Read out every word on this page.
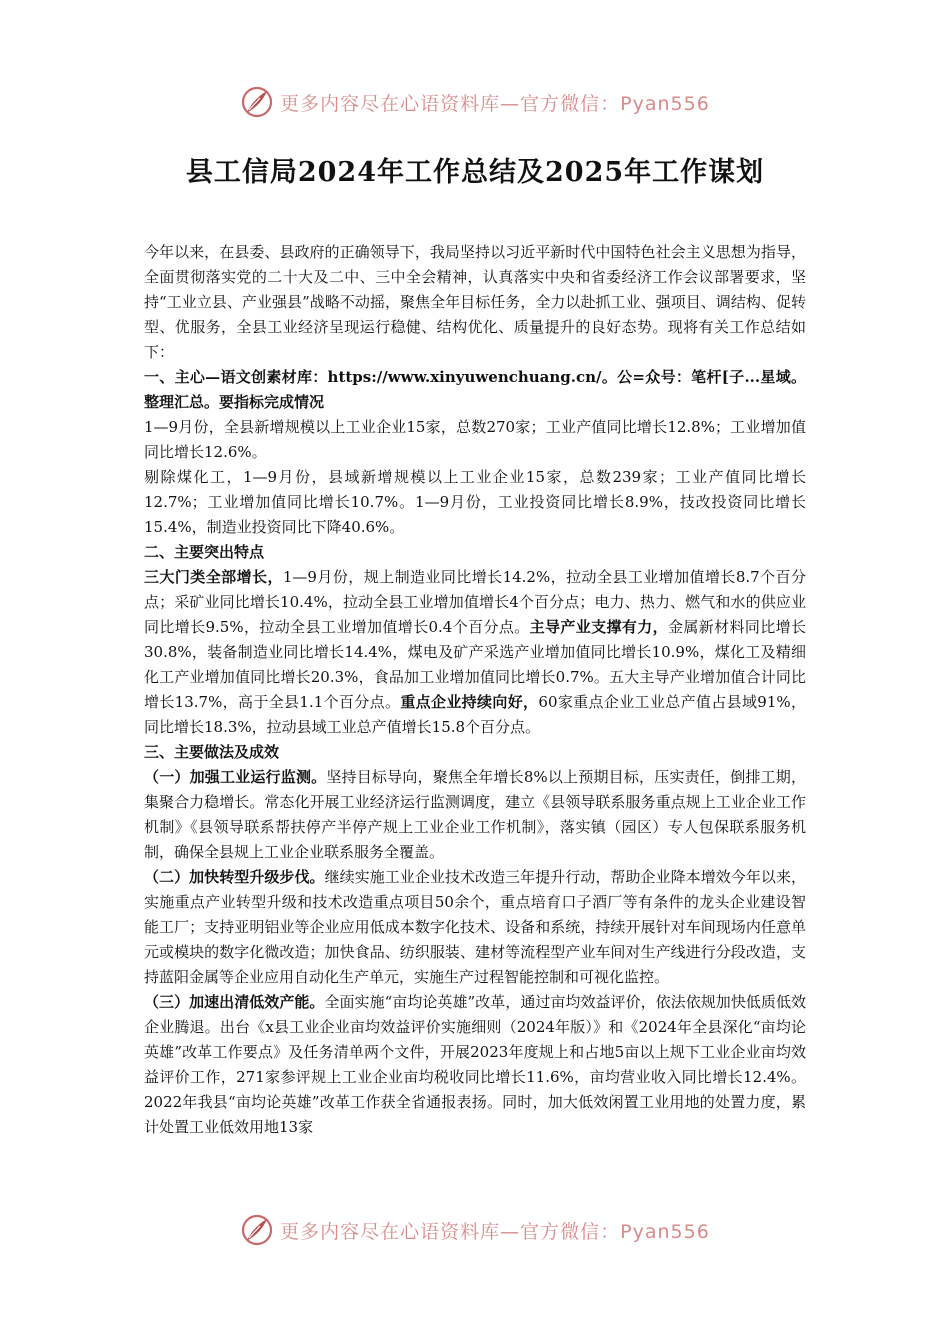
更多内容尽在心语资料库—官方微信：Pyan556
县工信局2024年工作总结及2025年工作谋划

今年以来，在县委、县政府的正确领导下，我局坚持以习近平新时代中国特色社会主义思想为指导，全面贯彻落实党的二十大及二中、三中全会精神，认真落实中央和省委经济工作会议部署要求，坚持“工业立县、产业强县”战略不动摇，聚焦全年目标任务，全力以赴抓工业、强项目、调结构、促转型、优服务，全县工业经济呈现运行稳健、结构优化、质量提升的良好态势。现将有关工作总结如下：

一、主心—语文创素材库：https://www.xinyuwenchuang.cn/。公=众号：笔杆[子...星域。整理汇总。要指标完成情况

1—9月份，全县新增规模以上工业企业15家，总数270家；工业产值同比增长12.8%；工业增加值同比增长12.6%。

剔除煤化工，1—9月份，县域新增规模以上工业企业15家，总数239家；工业产值同比增长12.7%；工业增加值同比增长10.7%。1—9月份，工业投资同比增长8.9%，技改投资同比增长15.4%，制造业投资同比下降40.6%。

二、主要突出特点

三大门类全部增长，1—9月份，规上制造业同比增长14.2%，拉动全县工业增加值增长8.7个百分点；采矿业同比增长10.4%，拉动全县工业增加值增长4个百分点；电力、热力、燃气和水的供应业同比增长9.5%，拉动全县工业增加值增长0.4个百分点。主导产业支撑有力，金属新材料同比增长30.8%，装备制造业同比增长14.4%，煤电及矿产采选产业增加值同比增长10.9%，煤化工及精细化工产业增加值同比增长20.3%，食品加工业增加值同比增长0.7%。五大主导产业增加值合计同比增长13.7%，高于全县1.1个百分点。重点企业持续向好，60家重点企业工业总产值占县域91%，同比增长18.3%，拉动县域工业总产值增长15.8个百分点。

三、主要做法及成效

（一）加强工业运行监测。坚持目标导向，聚焦全年增长8%以上预期目标，压实责任，倒排工期，集聚合力稳增长。常态化开展工业经济运行监测调度，建立《县领导联系服务重点规上工业企业工作机制》《县领导联系帮扶停产半停产规上工业企业工作机制》，落实镇（园区）专人包保联系服务机制，确保全县规上工业企业联系服务全覆盖。

（二）加快转型升级步伐。继续实施工业企业技术改造三年提升行动，帮助企业降本增效今年以来，实施重点产业转型升级和技术改造重点项目50余个，重点培育口子酒厂等有条件的龙头企业建设智能工厂；支持亚明铝业等企业应用低成本数字化技术、设备和系统，持续开展针对车间现场内任意单元或模块的数字化微改造；加快食品、纺织服装、建材等流程型产业车间对生产线进行分段改造，支持蓝阳金属等企业应用自动化生产单元，实施生产过程智能控制和可视化监控。

（三）加速出清低效产能。全面实施“亩均论英雄”改革，通过亩均效益评价，依法依规加快低质低效企业腾退。出台《x县工业企业亩均效益评价实施细则（2024年版）》和《2024年全县深化“亩均论英雄”改革工作要点》及任务清单两个文件，开展2023年度规上和占地5亩以上规下工业企业亩均效益评价工作，271家参评规上工业企业亩均税收同比增长11.6%，亩均营业收入同比增长12.4%。2022年我县“亩均论英雄”改革工作获全省通报表扬。同时，加大低效闲置工业用地的处置力度，累计处置工业低效用地13家

更多内容尽在心语资料库—官方微信：Pyan556
